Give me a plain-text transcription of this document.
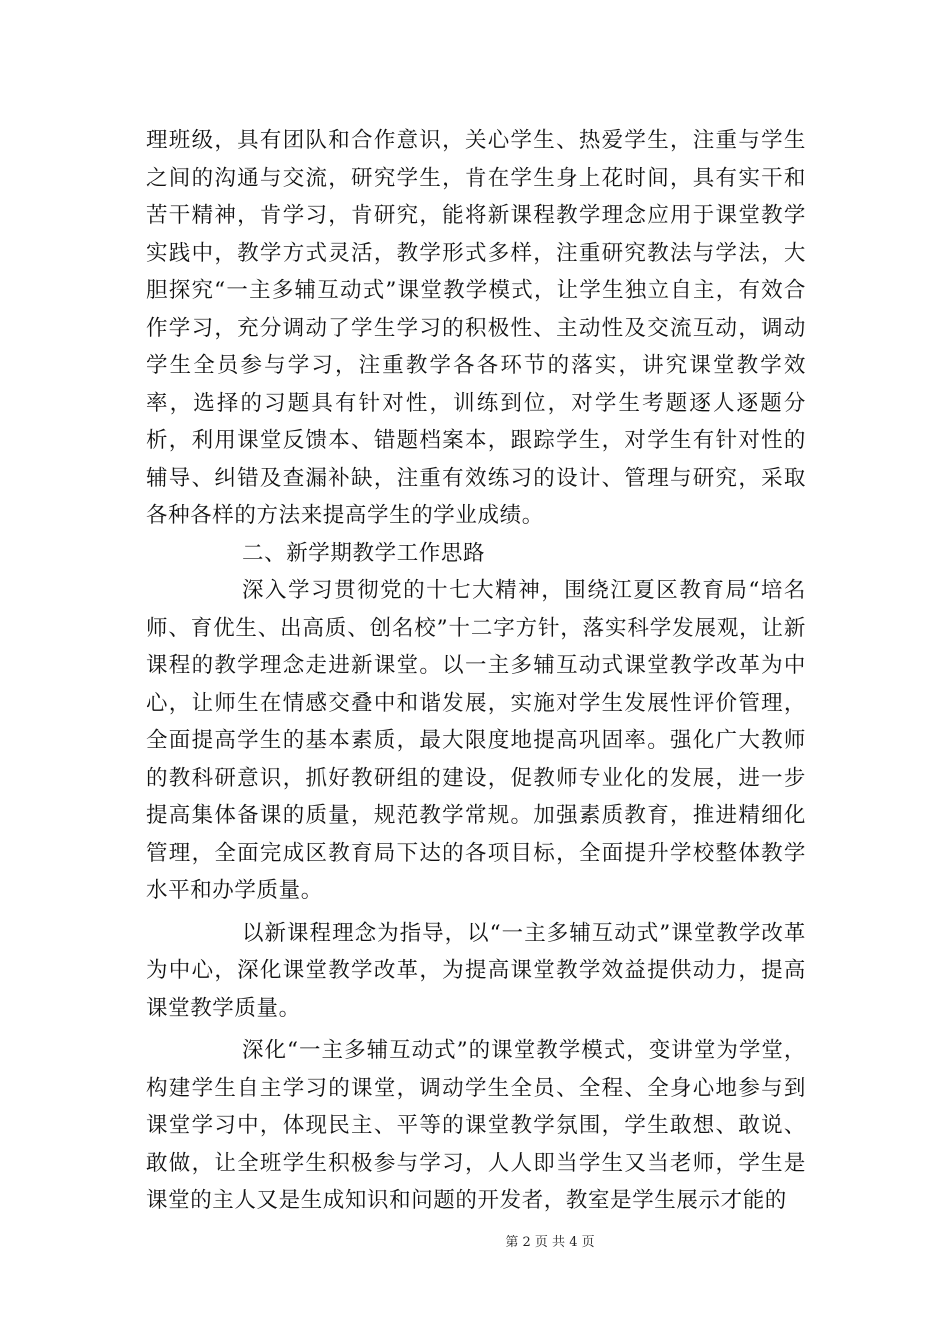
理班级，具有团队和合作意识，关心学生、热爱学生，注重与学生之间的沟通与交流，研究学生，肯在学生身上花时间，具有实干和苦干精神，肯学习，肯研究，能将新课程教学理念应用于课堂教学实践中，教学方式灵活，教学形式多样，注重研究教法与学法，大胆探究“一主多辅互动式”课堂教学模式，让学生独立自主，有效合作学习，充分调动了学生学习的积极性、主动性及交流互动，调动学生全员参与学习，注重教学各各环节的落实，讲究课堂教学效率，选择的习题具有针对性，训练到位，对学生考题逐人逐题分析，利用课堂反馈本、错题档案本，跟踪学生，对学生有针对性的辅导、纠错及查漏补缺，注重有效练习的设计、管理与研究，采取各种各样的方法来提高学生的学业成绩。

二、新学期教学工作思路

深入学习贯彻党的十七大精神，围绕江夏区教育局“培名师、育优生、出高质、创名校”十二字方针，落实科学发展观，让新课程的教学理念走进新课堂。以一主多辅互动式课堂教学改革为中心，让师生在情感交叠中和谐发展，实施对学生发展性评价管理，全面提高学生的基本素质，最大限度地提高巩固率。强化广大教师的教科研意识，抓好教研组的建设，促教师专业化的发展，进一步提高集体备课的质量，规范教学常规。加强素质教育，推进精细化管理，全面完成区教育局下达的各项目标，全面提升学校整体教学水平和办学质量。

以新课程理念为指导，以“一主多辅互动式”课堂教学改革为中心，深化课堂教学改革，为提高课堂教学效益提供动力，提高课堂教学质量。

深化“一主多辅互动式”的课堂教学模式，变讲堂为学堂，构建学生自主学习的课堂，调动学生全员、全程、全身心地参与到课堂学习中，体现民主、平等的课堂教学氛围，学生敢想、敢说、敢做，让全班学生积极参与学习，人人即当学生又当老师，学生是课堂的主人又是生成知识和问题的开发者，教室是学生展示才能的

第 2 页 共 4 页
